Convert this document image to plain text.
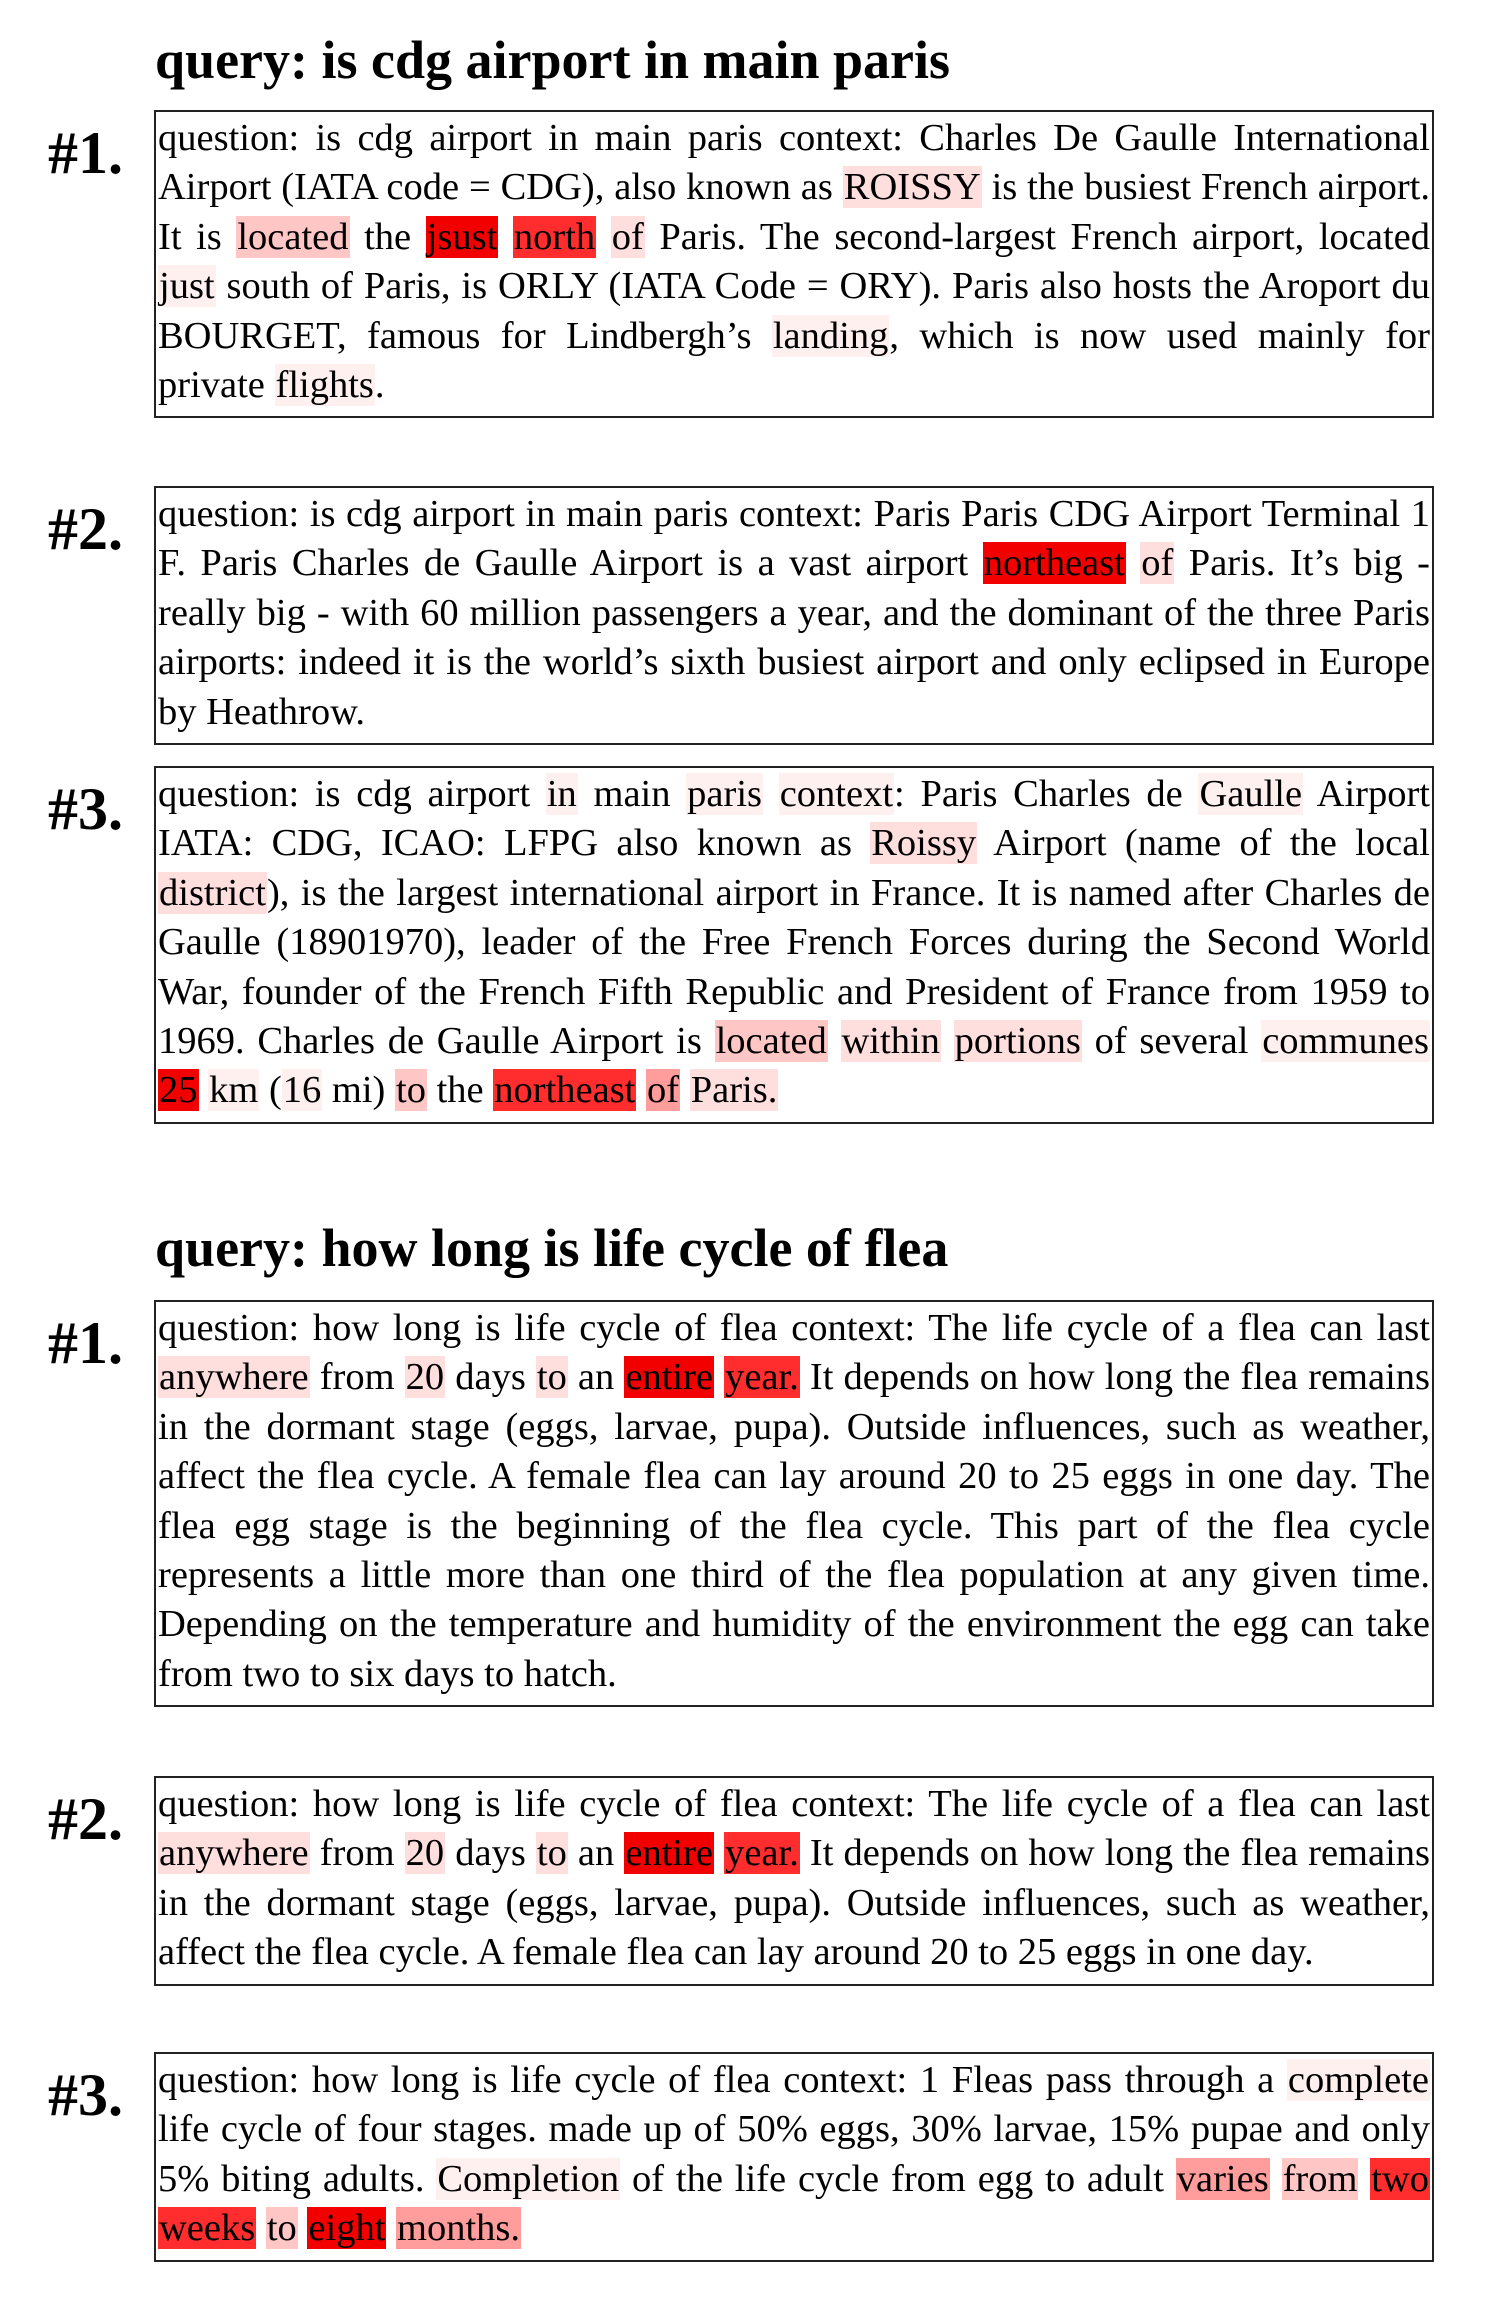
query: is cdg airport in main paris
#1. question: is cdg airport in main paris context: Charles De Gaulle International Airport (IATA code = CDG), also known as ROISSY is the busiest French airport. It is located the jsust north of Paris. The second-largest French airport, located just south of Paris, is ORLY (IATA Code = ORY). Paris also hosts the Aroport du BOURGET, famous for Lindbergh’s landing, which is now used mainly for private flights.

#2. question: is cdg airport in main paris context: Paris Paris CDG Airport Terminal 1 F. Paris Charles de Gaulle Airport is a vast airport northeast of Paris. It’s big - really big - with 60 million passengers a year, and the dominant of the three Paris airports: indeed it is the world’s sixth busiest airport and only eclipsed in Europe by Heathrow.

#3. question: is cdg airport in main paris context: Paris Charles de Gaulle Airport IATA: CDG, ICAO: LFPG also known as Roissy Airport (name of the local district), is the largest international airport in France. It is named after Charles de Gaulle (18901970), leader of the Free French Forces during the Second World War, founder of the French Fifth Republic and President of France from 1959 to 1969. Charles de Gaulle Airport is located within portions of several communes 25 km (16 mi) to the northeast of Paris.

query: how long is life cycle of flea
#1. question: how long is life cycle of flea context: The life cycle of a flea can last anywhere from 20 days to an entire year. It depends on how long the flea remains in the dormant stage (eggs, larvae, pupa). Outside influences, such as weather, affect the flea cycle. A female flea can lay around 20 to 25 eggs in one day. The flea egg stage is the beginning of the flea cycle. This part of the flea cycle represents a little more than one third of the flea population at any given time. Depending on the temperature and humidity of the environment the egg can take from two to six days to hatch.

#2. question: how long is life cycle of flea context: The life cycle of a flea can last anywhere from 20 days to an entire year. It depends on how long the flea remains in the dormant stage (eggs, larvae, pupa). Outside influences, such as weather, affect the flea cycle. A female flea can lay around 20 to 25 eggs in one day.

#3. question: how long is life cycle of flea context: 1 Fleas pass through a complete life cycle of four stages. made up of 50% eggs, 30% larvae, 15% pupae and only 5% biting adults. Completion of the life cycle from egg to adult varies from two weeks to eight months.
